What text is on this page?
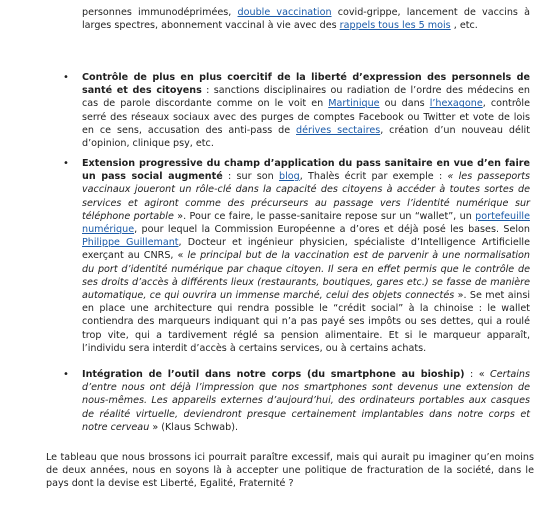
personnes immunodéprimées, double vaccination covid-grippe, lancement de vaccins à larges spectres, abonnement vaccinal à vie avec des rappels tous les 5 mois , etc.

• Contrôle de plus en plus coercitif de la liberté d’expression des personnels de santé et des citoyens : sanctions disciplinaires ou radiation de l’ordre des médecins en cas de parole discordante comme on le voit en Martinique ou dans l’hexagone, contrôle serré des réseaux sociaux avec des purges de comptes Facebook ou Twitter et vote de lois en ce sens, accusation des anti-pass de dérives sectaires, création d’un nouveau délit d’opinion, clinique psy, etc.
• Extension progressive du champ d’application du pass sanitaire en vue d’en faire un pass social augmenté : sur son blog, Thalès écrit par exemple : « les passeports vaccinaux joueront un rôle-clé dans la capacité des citoyens à accéder à toutes sortes de services et agiront comme des précurseurs au passage vers l’identité numérique sur téléphone portable ». Pour ce faire, le passe-sanitaire repose sur un “wallet”, un portefeuille numérique, pour lequel la Commission Européenne a d’ores et déjà posé les bases. Selon Philippe Guillemant, Docteur et ingénieur physicien, spécialiste d’Intelligence Artificielle exerçant au CNRS, « le principal but de la vaccination est de parvenir à une normalisation du port d’identité numérique par chaque citoyen. Il sera en effet permis que le contrôle de ses droits d’accès à différents lieux (restaurants, boutiques, gares etc.) se fasse de manière automatique, ce qui ouvrira un immense marché, celui des objets connectés ». Se met ainsi en place une architecture qui rendra possible le “crédit social” à la chinoise : le wallet contiendra des marqueurs indiquant qui n’a pas payé ses impôts ou ses dettes, qui a roulé trop vite, qui a tardivement réglé sa pension alimentaire. Et si le marqueur apparaît, l’individu sera interdit d’accès à certains services, ou à certains achats.
• Intégration de l’outil dans notre corps (du smartphone au bioship) : « Certains d’entre nous ont déjà l’impression que nos smartphones sont devenus une extension de nous-mêmes. Les appareils externes d’aujourd’hui, des ordinateurs portables aux casques de réalité virtuelle, deviendront presque certainement implantables dans notre corps et notre cerveau » (Klaus Schwab).

Le tableau que nous brossons ici pourrait paraître excessif, mais qui aurait pu imaginer qu’en moins de deux années, nous en soyons là à accepter une politique de fracturation de la société, dans le pays dont la devise est Liberté, Egalité, Fraternité ?
